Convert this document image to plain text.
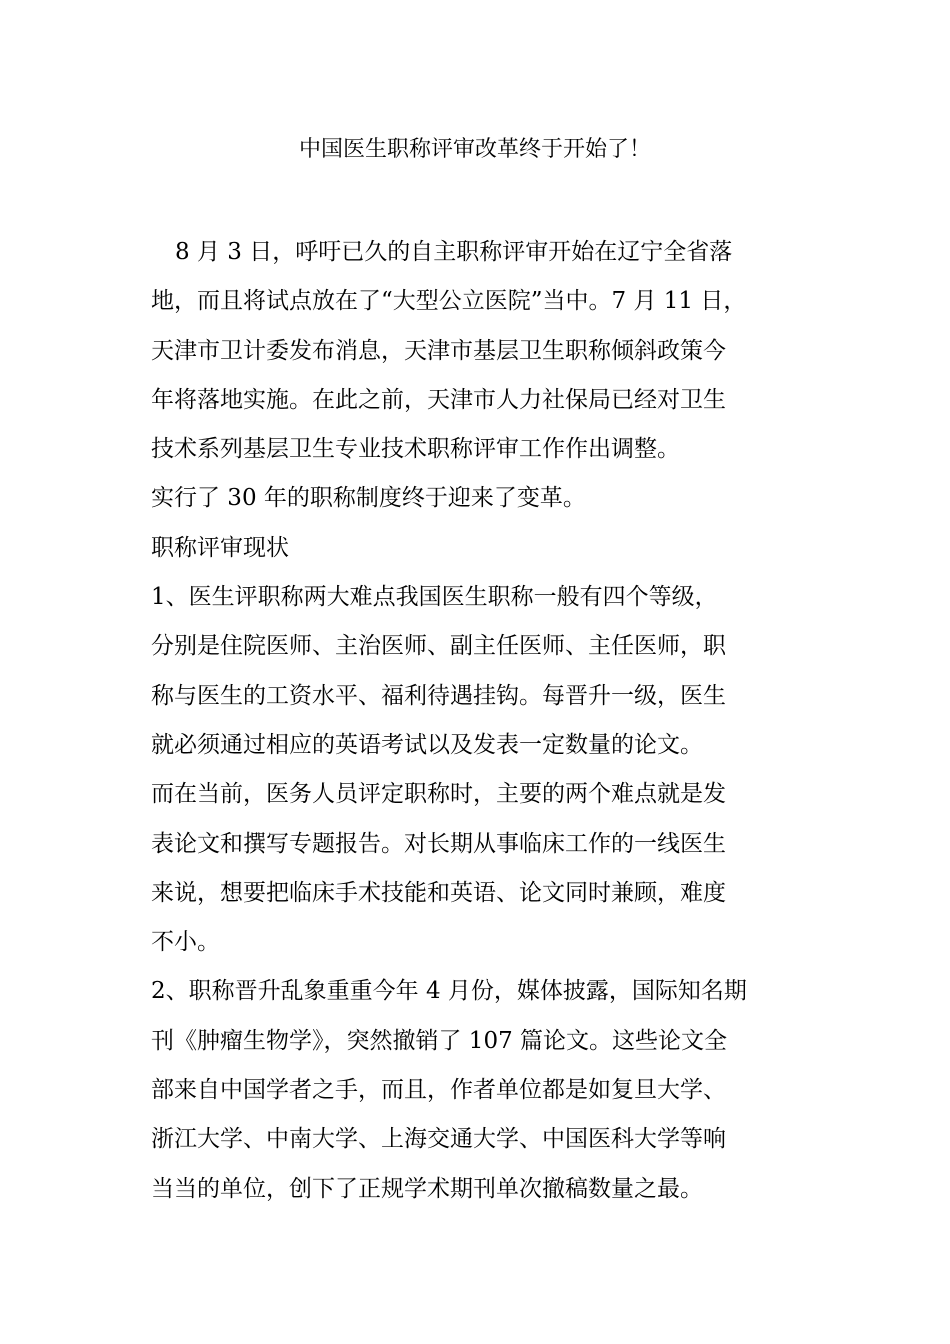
中国医生职称评审改革终于开始了！
8 月 3 日，呼吁已久的自主职称评审开始在辽宁全省落
地，而且将试点放在了“大型公立医院”当中。7 月 11 日，
天津市卫计委发布消息，天津市基层卫生职称倾斜政策今
年将落地实施。在此之前，天津市人力社保局已经对卫生
技术系列基层卫生专业技术职称评审工作作出调整。
实行了 30 年的职称制度终于迎来了变革。
职称评审现状
1、医生评职称两大难点我国医生职称一般有四个等级，
分别是住院医师、主治医师、副主任医师、主任医师，职
称与医生的工资水平、福利待遇挂钩。每晋升一级，医生
就必须通过相应的英语考试以及发表一定数量的论文。
而在当前，医务人员评定职称时，主要的两个难点就是发
表论文和撰写专题报告。对长期从事临床工作的一线医生
来说，想要把临床手术技能和英语、论文同时兼顾，难度
不小。
2、职称晋升乱象重重今年 4 月份，媒体披露，国际知名期
刊《肿瘤生物学》，突然撤销了 107 篇论文。这些论文全
部来自中国学者之手，而且，作者单位都是如复旦大学、
浙江大学、中南大学、上海交通大学、中国医科大学等响
当当的单位，创下了正规学术期刊单次撤稿数量之最。
